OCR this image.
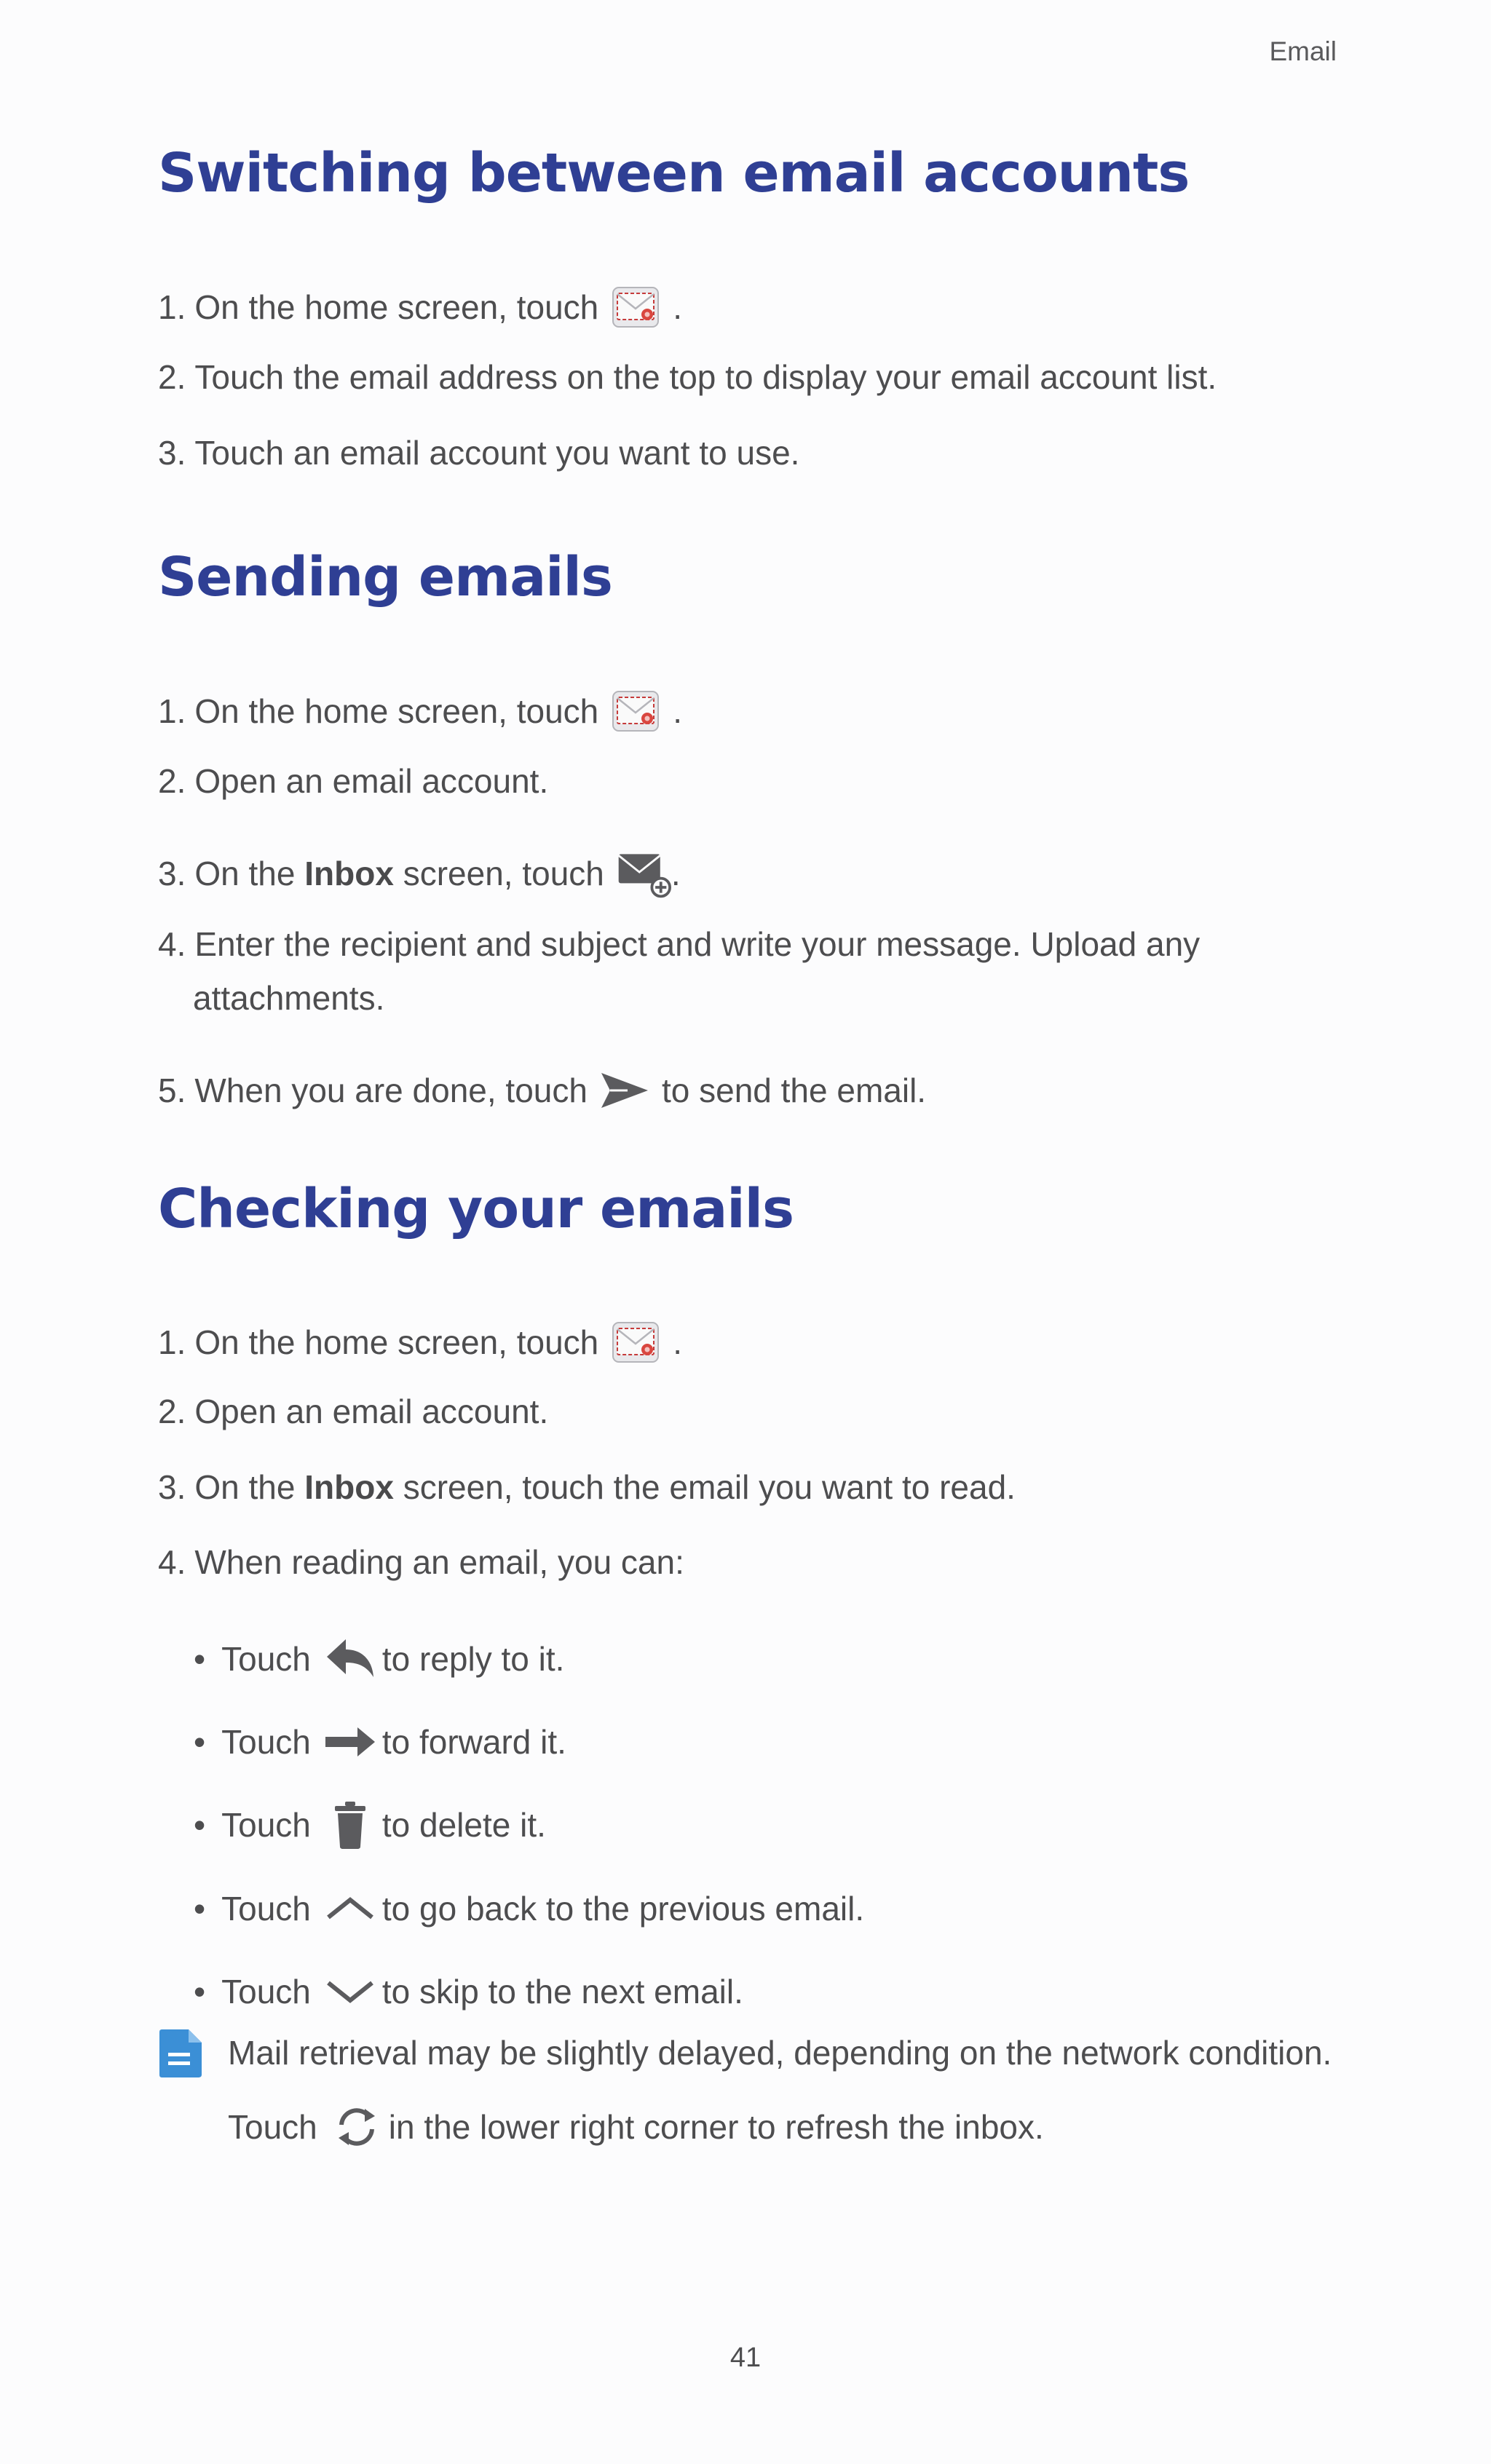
Email
Switching between email accounts
1. On the home screen, touch .
2. Touch the email address on the top to display your email account list.
3. Touch an email account you want to use.
Sending emails
1. On the home screen, touch .
2. Open an email account.
3. On the
Inbox
screen, touch .
4. Enter the recipient and subject and write your message. Upload any
attachments.
5. When you are done, touch to send the email.
Checking your emails
1. On the home screen, touch .
2. Open an email account.
3. On the
Inbox
screen, touch the email you want to read.
4. When reading an email, you can:
• Touch to reply to it.
• Touch to forward it.
• Touch to delete it.
• Touch to go back to the previous email.
• Touch to skip to the next email.
Mail retrieval may be slightly delayed, depending on the network condition.
Touch in the lower right corner to refresh the inbox.
41
